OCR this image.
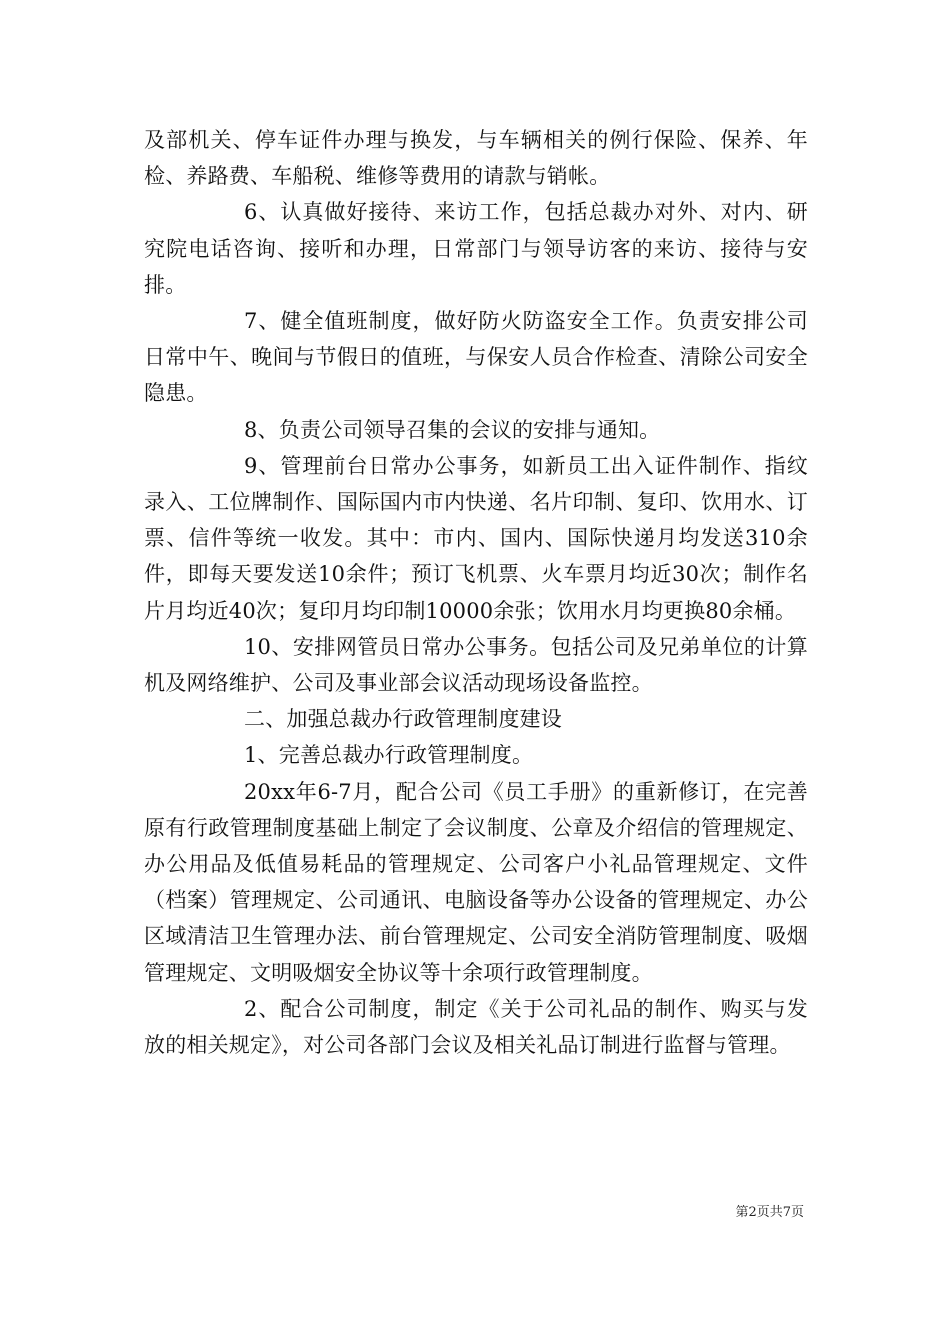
及部机关、停车证件办理与换发，与车辆相关的例行保险、保养、年检、养路费、车船税、维修等费用的请款与销帐。

6、认真做好接待、来访工作，包括总裁办对外、对内、研究院电话咨询、接听和办理，日常部门与领导访客的来访、接待与安排。

7、健全值班制度，做好防火防盗安全工作。负责安排公司日常中午、晚间与节假日的值班，与保安人员合作检查、清除公司安全隐患。

8、负责公司领导召集的会议的安排与通知。

9、管理前台日常办公事务，如新员工出入证件制作、指纹录入、工位牌制作、国际国内市内快递、名片印制、复印、饮用水、订票、信件等统一收发。其中：市内、国内、国际快递月均发送310余件，即每天要发送10余件；预订飞机票、火车票月均近30次；制作名片月均近40次；复印月均印制10000余张；饮用水月均更换80余桶。

10、安排网管员日常办公事务。包括公司及兄弟单位的计算机及网络维护、公司及事业部会议活动现场设备监控。

二、加强总裁办行政管理制度建设

1、完善总裁办行政管理制度。

20xx年6-7月，配合公司《员工手册》的重新修订，在完善原有行政管理制度基础上制定了会议制度、公章及介绍信的管理规定、办公用品及低值易耗品的管理规定、公司客户小礼品管理规定、文件（档案）管理规定、公司通讯、电脑设备等办公设备的管理规定、办公区域清洁卫生管理办法、前台管理规定、公司安全消防管理制度、吸烟管理规定、文明吸烟安全协议等十余项行政管理制度。

2、配合公司制度，制定《关于公司礼品的制作、购买与发放的相关规定》，对公司各部门会议及相关礼品订制进行监督与管理。

第2页共7页
